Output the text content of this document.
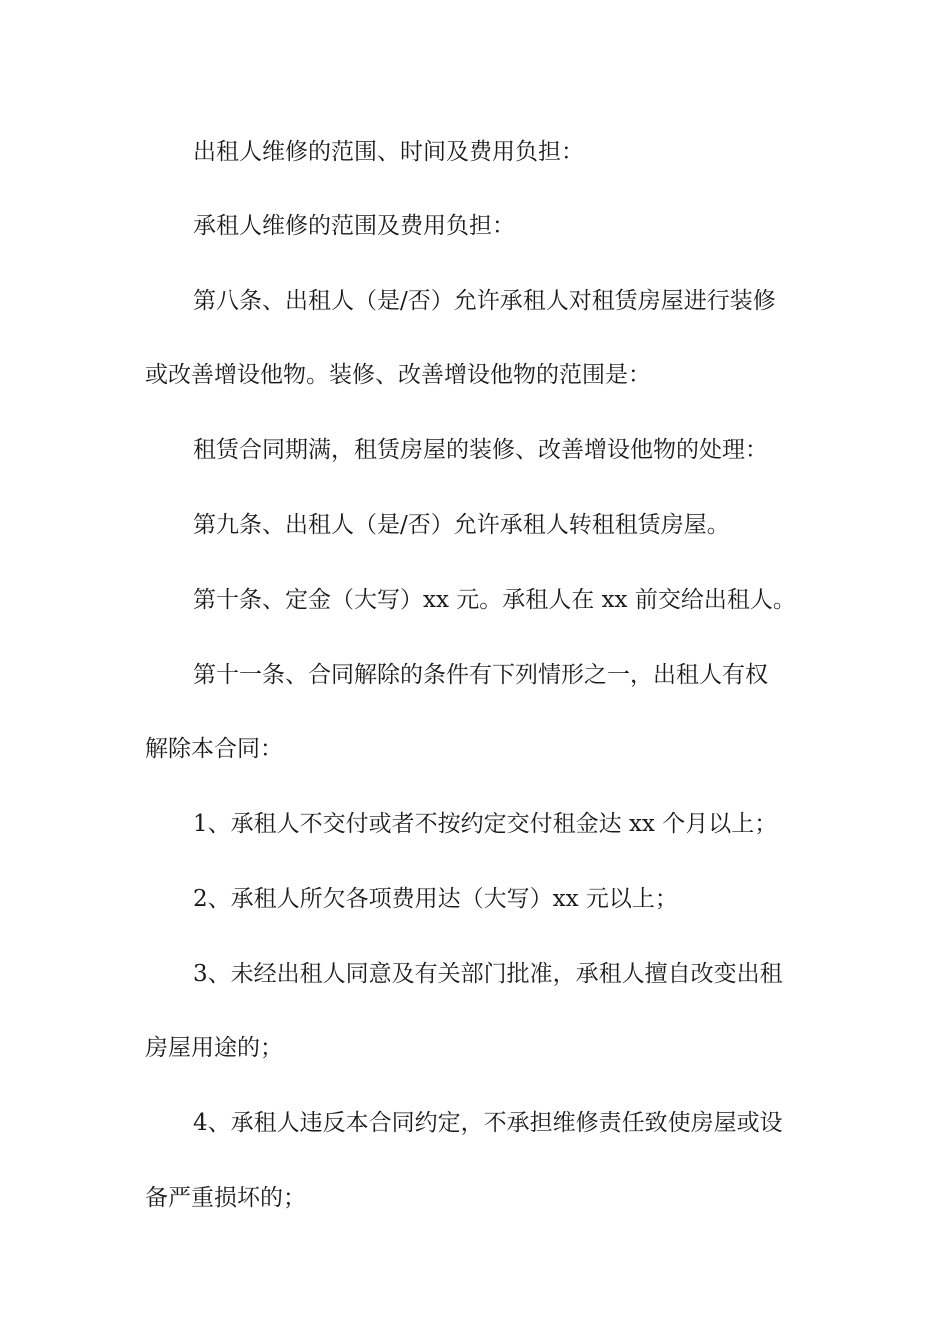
出租人维修的范围、时间及费用负担：

承租人维修的范围及费用负担：

第八条、出租人（是/否）允许承租人对租赁房屋进行装修

或改善增设他物。装修、改善增设他物的范围是：

租赁合同期满，租赁房屋的装修、改善增设他物的处理：

第九条、出租人（是/否）允许承租人转租租赁房屋。

第十条、定金（大写）xx 元。承租人在 xx 前交给出租人。

第十一条、合同解除的条件有下列情形之一，出租人有权

解除本合同：

1、承租人不交付或者不按约定交付租金达 xx 个月以上；

2、承租人所欠各项费用达（大写）xx 元以上；

3、未经出租人同意及有关部门批准，承租人擅自改变出租

房屋用途的；

4、承租人违反本合同约定，不承担维修责任致使房屋或设

备严重损坏的；
